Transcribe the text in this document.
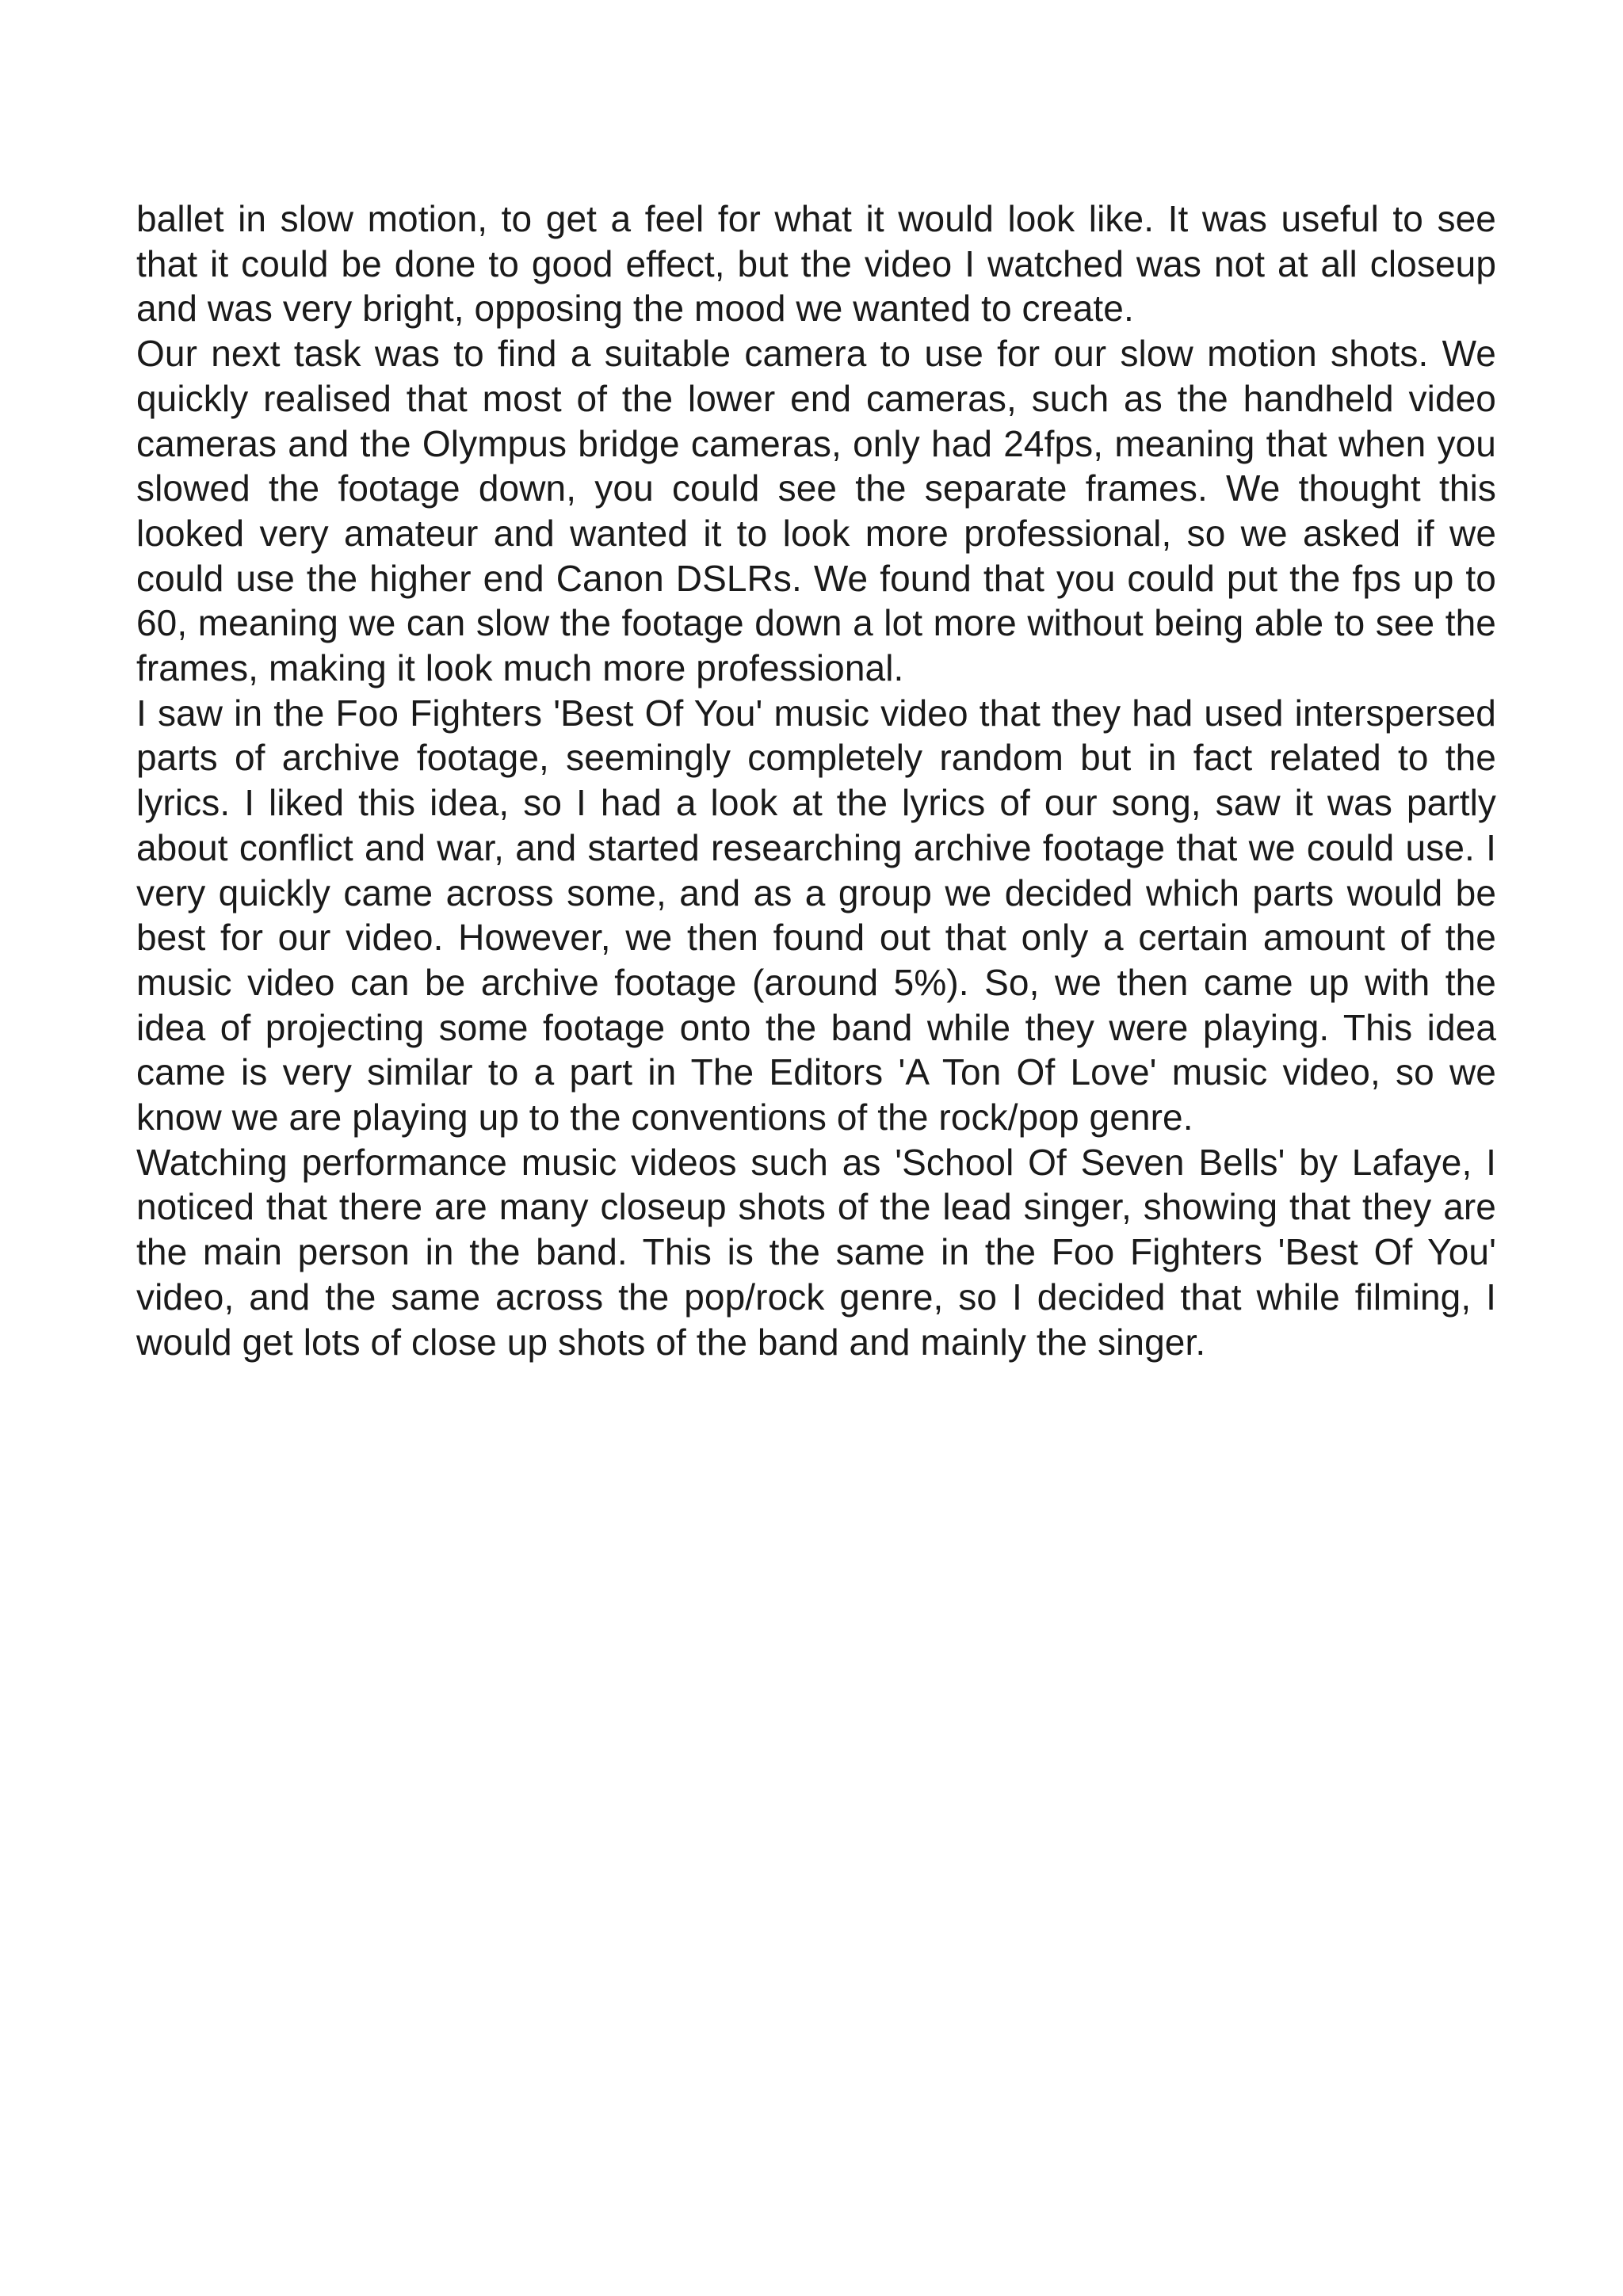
ballet in slow motion, to get a feel for what it would look like. It was useful to see that it could be done to good effect, but the video I watched was not at all closeup and was very bright, opposing the mood we wanted to create.

Our next task was to find a suitable camera to use for our slow motion shots. We quickly realised that most of the lower end cameras, such as the handheld video cameras and the Olympus bridge cameras, only had 24fps, meaning that when you slowed the footage down, you could see the separate frames. We thought this looked very amateur and wanted it to look more professional, so we asked if we could use the higher end Canon DSLRs. We found that you could put the fps up to 60, meaning we can slow the footage down a lot more without being able to see the frames, making it look much more professional.

I saw in the Foo Fighters 'Best Of You' music video that they had used interspersed parts of archive footage, seemingly completely random but in fact related to the lyrics. I liked this idea, so I had a look at the lyrics of our song, saw it was partly about conflict and war, and started researching archive footage that we could use. I very quickly came across some, and as a group we decided which parts would be best for our video. However, we then found out that only a certain amount of the music video can be archive footage (around 5%). So, we then came up with the idea of projecting some footage onto the band while they were playing. This idea came is very similar to a part in The Editors 'A Ton Of Love' music video, so we know we are playing up to the conventions of the rock/pop genre.

Watching performance music videos such as 'School Of Seven Bells' by Lafaye, I noticed that there are many closeup shots of the lead singer, showing that they are the main person in the band. This is the same in the Foo Fighters 'Best Of You' video, and the same across the pop/rock genre, so I decided that while filming, I would get lots of close up shots of the band and mainly the singer.
